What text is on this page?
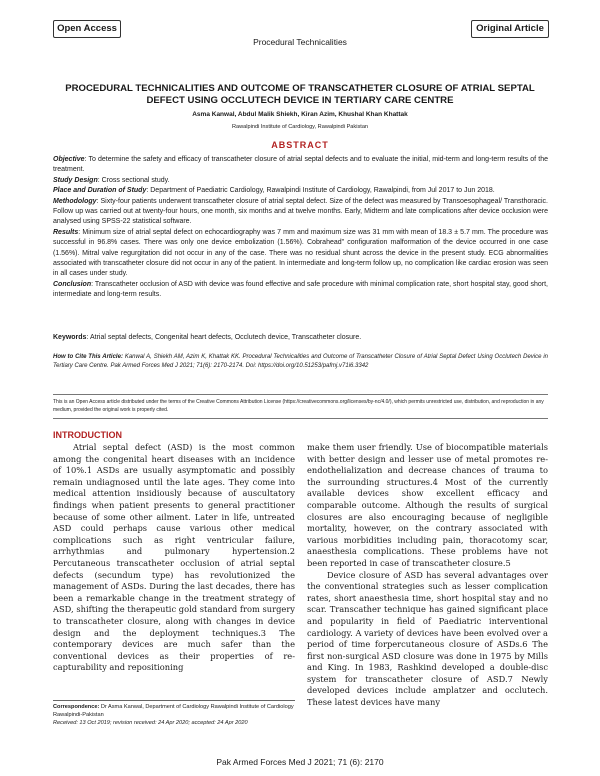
Open Access	Original Article
Procedural Technicalities
PROCEDURAL TECHNICALITIES AND OUTCOME OF TRANSCATHETER CLOSURE OF ATRIAL SEPTAL DEFECT USING OCCLUTECH DEVICE IN TERTIARY CARE CENTRE
Asma Kanwal, Abdul Malik Shiekh, Kiran Azim, Khushal Khan Khattak
Rawalpindi Institute of Cardiology, Rawalpindi Pakistan
ABSTRACT

Objective: To determine the safety and efficacy of transcatheter closure of atrial septal defects and to evaluate the initial, mid-term and long-term results of the treatment.

Study Design: Cross sectional study.

Place and Duration of Study: Department of Paediatric Cardiology, Rawalpindi Institute of Cardiology, Rawalpindi, from Jul 2017 to Jun 2018.

Methodology: Sixty-four patients underwent transcatheter closure of atrial septal defect. Size of the defect was measured by Transoesophageal/ Transthoracic. Follow up was carried out at twenty-four hours, one month, six months and at twelve months. Early, Midterm and late complications after device occlusion were analysed using SPSS-22 statistical software.

Results: Minimum size of atrial septal defect on echocardiography was 7 mm and maximum size was 31 mm with mean of 18.3 ± 5.7 mm. The procedure was successful in 96.8% cases. There was only one device embolization (1.56%). Cobrahead" configuration malformation of the device occurred in one case (1.56%). Mitral valve regurgitation did not occur in any of the case. There was no residual shunt across the device in the present study. ECG abnormalities associated with transcatheter closure did not occur in any of the patient. In intermediate and long-term follow up, no complication like cardiac erosion was seen in all cases under study.

Conclusion: Transcatheter occlusion of ASD with device was found effective and safe procedure with minimal complication rate, short hospital stay, good short, intermediate and long-term results.

Keywords: Atrial septal defects, Congenital heart defects, Occlutech device, Transcatheter closure.
How to Cite This Article: Kanwal A, Shiekh AM, Azim K, Khattak KK. Procedural Technicalities and Outcome of Transcatheter Closure of Atrial Septal Defect Using Occlutech Device in Tertiary Care Centre. Pak Armed Forces Med J 2021; 71(6): 2170-2174. Doi: https://doi.org/10.51253/pafmj.v71i6.3342
This is an Open Access article distributed under the terms of the Creative Commons Attribution License (https://creativecommons.org/licenses/by-nc/4.0/), which permits unrestricted use, distribution, and reproduction in any medium, provided the original work is properly cited.
INTRODUCTION

Atrial septal defect (ASD) is the most common among the congenital heart diseases with an incidence of 10%.1 ASDs are usually asymptomatic and possibly remain undiagnosed until the late ages. They come into medical attention insidiously because of auscultatory findings when patient presents to general practitioner because of some other ailment. Later in life, untreated ASD could perhaps cause various other medical complications such as right ventricular failure, arrhythmias and pulmonary hypertension.2 Percutaneous transcatheter occlusion of atrial septal defects (secundum type) has revolutionized the management of ASDs. During the last decades, there has been a remarkable change in the treatment strategy of ASD, shifting the therapeutic gold standard from surgery to transcatheter closure, along with changes in device design and the deployment techniques.3 The contemporary devices are much safer than the conventional devices as their properties of re-capturability and repositioning

make them user friendly. Use of biocompatible materials with better design and lesser use of metal promotes re-endothelialization and decrease chances of trauma to the surrounding structures.4 Most of the currently available devices show excellent efficacy and comparable outcome. Although the results of surgical closures are also encouraging because of negligible mortality, however, on the contrary associated with various morbidities including pain, thoracotomy scar, anaesthesia complications. These problems have not been reported in case of transcatheter closure.5

Device closure of ASD has several advantages over the conventional strategies such as lesser complication rates, short anaesthesia time, short hospital stay and no scar. Transcather technique has gained significant place and popularity in field of Paediatric interventional cardiology. A variety of devices have been evolved over a period of time forpercutaneous closure of ASDs.6 The first non-surgical ASD closure was done in 1975 by Mills and King. In 1983, Rashkind developed a double-disc system for transcatheter closure of ASD.7 Newly developed devices include amplatzer and occlutech. These latest devices have many

Correspondence: Dr Asma Kanwal, Department of Cardiology Rawalpindi Institute of Cardiology Rawalpindi-Pakistan
Received: 13 Oct 2019; revision received: 24 Apr 2020; accepted: 24 Apr 2020
Pak Armed Forces Med J 2021; 71 (6): 2170
